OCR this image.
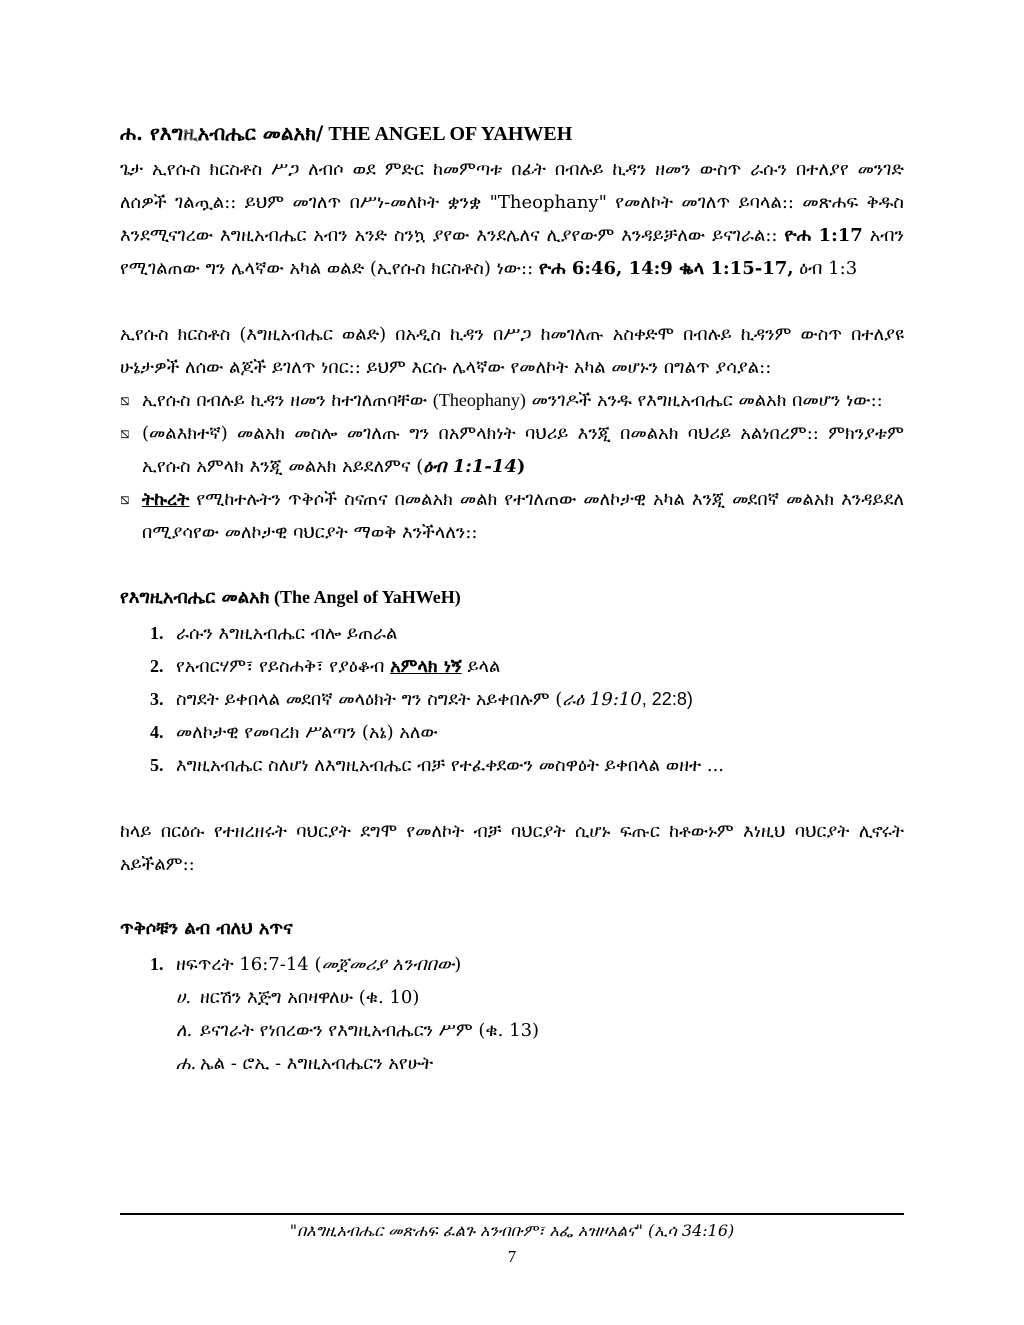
ሐ. የእግዚአብሔር መልአክ/ THE ANGEL OF YAHWEH

ጌታ ኢየሱስ ክርስቶስ ሥጋ ለብሶ ወደ ምድር ከመምጣቱ በፊት በብሉይ ኪዳን ዘመን ውስጥ ራሱን በተለያየ መንገድ ለሰዎች ገልጧል:: ይህም መገለጥ በሥነ-መለኮት ቋንቋ "Theophany" የመለኮት መገለጥ ይባላል:: መጽሐፍ ቅዱስ እንደሚናገረው እግዚአብሔር አብን አንድ ስንኳ ያየው እንደሌለና ሊያየውም እንዳይቻለው ይናገራል:: ዮሐ 1:17 አብን የሚገልጠው ግን ሌላኛው አካል ወልድ (ኢየሱስ ክርስቶስ) ነው:: ዮሐ 6:46, 14:9 ቈላ 1:15-17, ዕብ 1:3

ኢየሱስ ክርስቶስ (እግዚአብሔር ወልድ) በአዲስ ኪዳን በሥጋ ከመገለጡ አስቀድሞ በብሉይ ኪዳንም ውስጥ በተለያዩ ሁኔታዎች ለሰው ልጆች ይገለጥ ነበር:: ይህም እርሱ ሌላኛው የመለኮት አካል መሆኑን በግልጥ ያሳያል::

⧅ ኢየሱስ በብሉይ ኪዳን ዘመን ከተገለጠባቸው (Theophany) መንገዶች አንዱ የእግዚአብሔር መልአክ በመሆን ነው::
⧅ (መልእክተኛ) መልአክ መስሎ መገለጡ ግን በአምላክነት ባህሪይ እንጂ በመልአክ ባህሪይ አልነበረም:: ምክንያቱም ኢየሱስ አምላክ እንጂ መልአክ አይደለምና (ዕብ 1:1-14)
⧅ ትኩረት የሚከተሉትን ጥቅሶች ስናጠና በመልአክ መልክ የተገለጠው መለኮታዊ አካል እንጂ መደበኛ መልአክ እንዳይደለ በሚያሳየው መለኮታዊ ባህርያት ማወቅ እንችላለን::
የእግዚአብሔር መልአክ (The Angel of YaHWeH)
1. ራሱን እግዚአብሔር ብሎ ይጠራል
2. የአብርሃም፣ የይስሐቅ፣ የያዕቆብ አምላክ ነኝ ይላል
3. ስግደት ይቀበላል መደበኛ መላዕክት ግን ስግደት አይቀበሉም (ራዕ 19:10, 22:8)
4. መለኮታዊ የመባረክ ሥልጣን (አኔ) አለው
5. እግዚአብሔር ስለሆነ ለእግዚአብሔር ብቻ የተፈቀደውን መስዋዕት ይቀበላል ወዘተ ...

ከላይ በርዕሱ የተዘረዘሩት ባህርያት ደግሞ የመለኮት ብቻ ባህርያት ሲሆኑ ፍጡር ከቶውኑም እነዚህ ባህርያት ሊኖሩት አይችልም::

ጥቅሶቹን ልብ ብለህ አጥና
1. ዘፍጥረት 16:7-14 (መጀመሪያ አንብበው)
ሀ. ዘርሽን እጅግ አበዛዋለሁ (ቁ. 10)
ለ. ይናገራት የነበረውን የእግዚአብሔርን ሥም (ቁ. 13)
ሐ. ኤል - ሮኢ - እግዚአብሔርን አየሁት
"በእግዚአብሔር መጽሐፍ ፈልጉ አንብቡም፣ አፌ አዝዞአልና" (ኢሳ 34:16)
7
